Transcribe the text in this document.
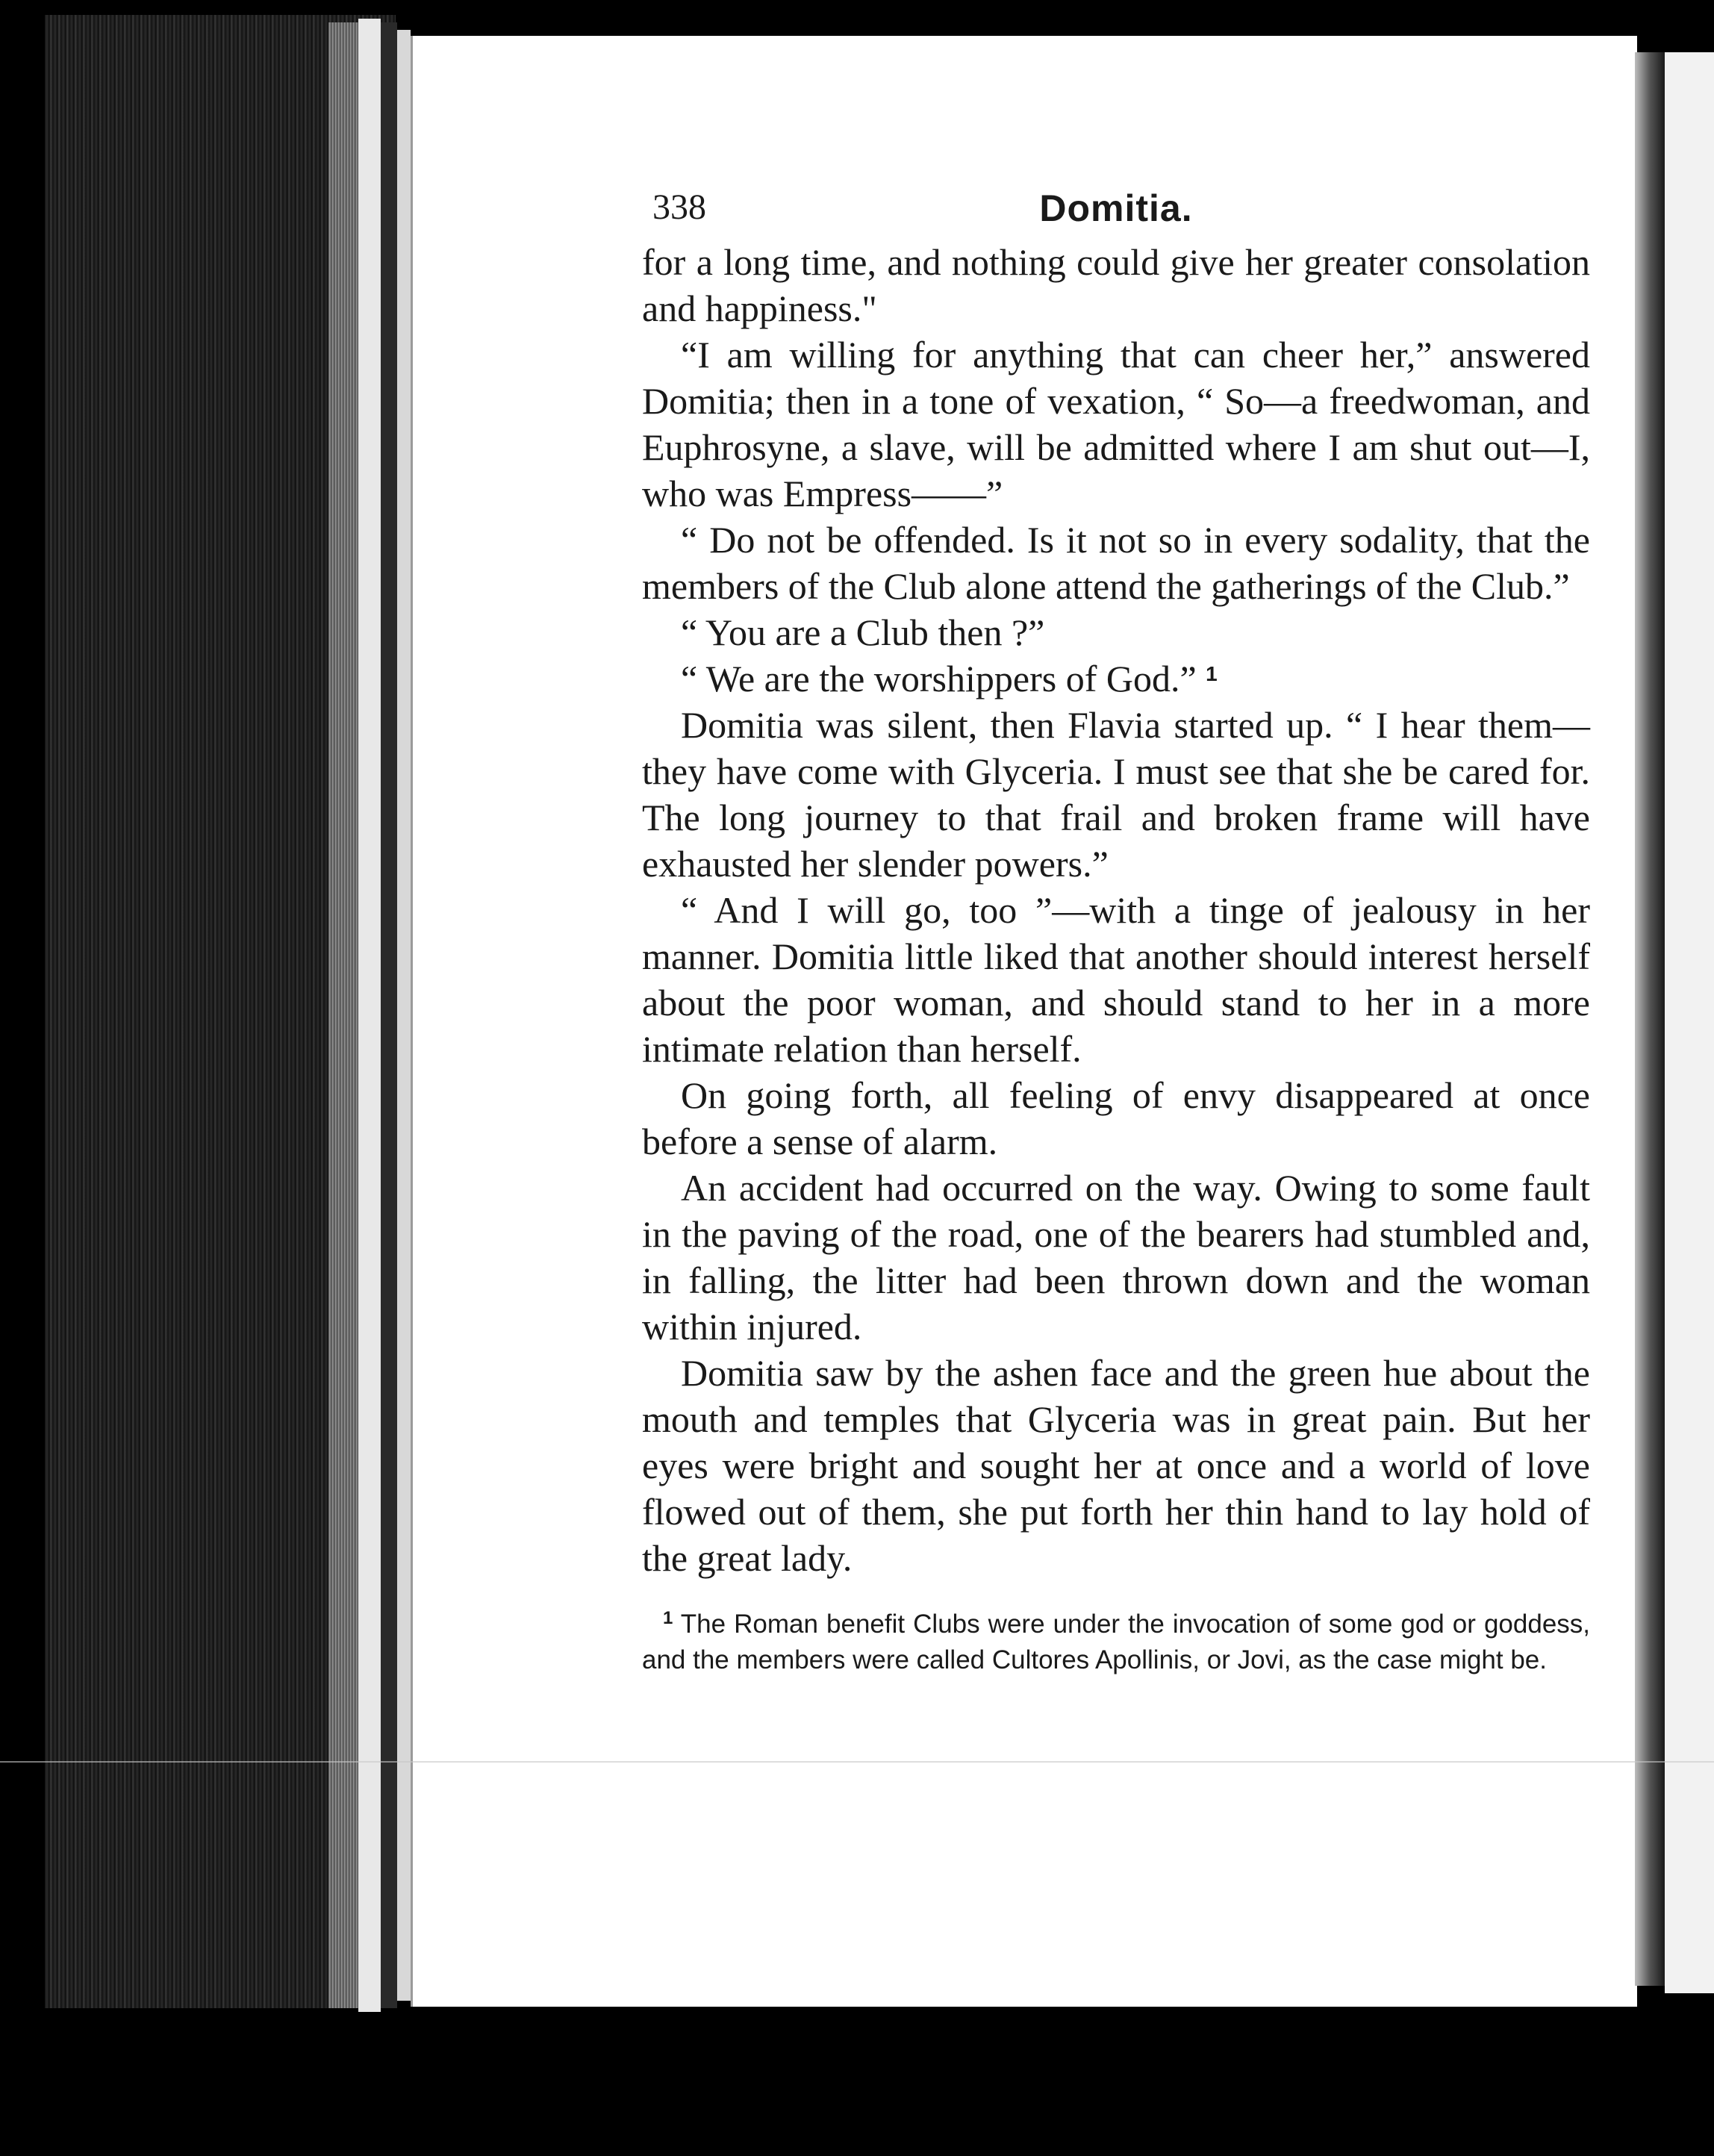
338	Domitia.

for a long time, and nothing could give her greater consolation and happiness."

“I am willing for anything that can cheer her,” answered Domitia; then in a tone of vexation, “ So—a freedwoman, and Euphrosyne, a slave, will be admitted where I am shut out—I, who was Empress——”

“ Do not be offended. Is it not so in every sodality, that the members of the Club alone attend the gatherings of the Club.”

“ You are a Club then ?”

“ We are the worshippers of God.” $^1$

Domitia was silent, then Flavia started up. “ I hear them—they have come with Glyceria. I must see that she be cared for. The long journey to that frail and broken frame will have exhausted her slender powers.”

“ And I will go, too ”—with a tinge of jealousy in her manner. Domitia little liked that another should interest herself about the poor woman, and should stand to her in a more intimate relation than herself.

On going forth, all feeling of envy disappeared at once before a sense of alarm.

An accident had occurred on the way. Owing to some fault in the paving of the road, one of the bearers had stumbled and, in falling, the litter had been thrown down and the woman within injured.

Domitia saw by the ashen face and the green hue about the mouth and temples that Glyceria was in great pain. But her eyes were bright and sought her at once and a world of love flowed out of them, she put forth her thin hand to lay hold of the great lady.

$^1$ The Roman benefit Clubs were under the invocation of some god or goddess, and the members were called Cultores Apollinis, or Jovi, as the case might be.
